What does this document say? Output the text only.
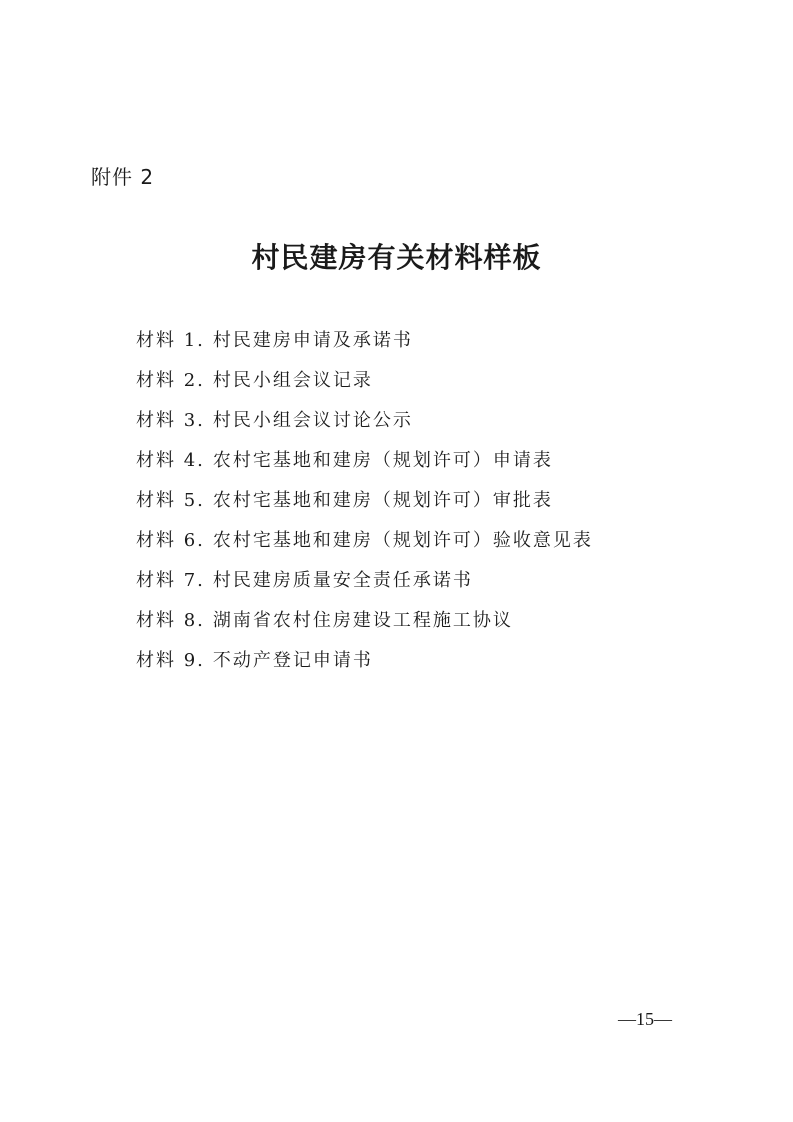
附件 2
村民建房有关材料样板
材料 1. 村民建房申请及承诺书
材料 2. 村民小组会议记录
材料 3. 村民小组会议讨论公示
材料 4. 农村宅基地和建房（规划许可）申请表
材料 5. 农村宅基地和建房（规划许可）审批表
材料 6. 农村宅基地和建房（规划许可）验收意见表
材料 7. 村民建房质量安全责任承诺书
材料 8. 湖南省农村住房建设工程施工协议
材料 9. 不动产登记申请书
—15—
